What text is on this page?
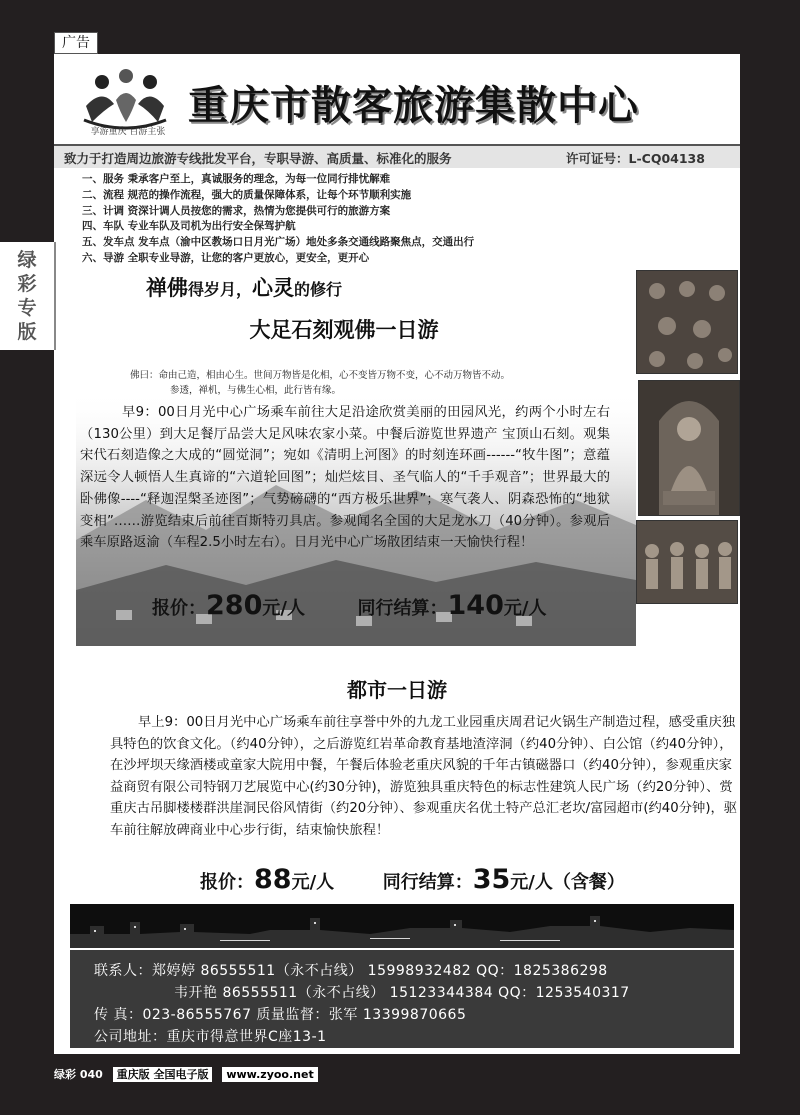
广告
绿彩专版
享游重庆 自游主张
重庆市散客旅游集散中心
致力于打造周边旅游专线批发平台，专职导游、高质量、标准化的服务	许可证号：L-CQ04138
一、服务 秉承客户至上，真诚服务的理念，为每一位同行排忧解难
二、流程 规范的操作流程，强大的质量保障体系，让每个环节顺利实施
三、计调 资深计调人员按您的需求，热情为您提供可行的旅游方案
四、车队 专业车队及司机为出行安全保驾护航
五、发车点 发车点（渝中区教场口日月光广场）地处多条交通线路聚焦点，交通出行
六、导游 全职专业导游，让您的客户更放心，更安全，更开心
禅佛得岁月，心灵的修行
大足石刻观佛一日游
佛曰：命由己造，相由心生。世间万物皆是化相，心不变皆万物不变，心不动万物皆不动。
早9：00日月光中心广场乘车前往大足沿途欣赏美丽的田园风光，约两个小时左右（130公里）到大足餐厅品尝大足风味农家小菜。中餐后游览世界遗产 宝顶山石刻。观集宋代石刻造像之大成的“圆觉洞”；宛如《清明上河图》的时刻连环画------“牧牛图”；意蕴深远令人顿悟人生真谛的“六道轮回图”；灿烂炫目、圣气临人的“千手观音”；世界最大的卧佛像----“释迦涅槃圣迹图”；气势磅礴的“西方极乐世界”；寒气袭人、阴森恐怖的“地狱变相”……游览结束后前往百斯特刃具店。参观闻名全国的大足龙水刀（40分钟）。参观后乘车原路返渝（车程2.5小时左右）。日月光中心广场散团结束一天愉快行程！
报价：280元/人	同行结算：140元/人
都市一日游
早上9：00日月光中心广场乘车前往享誉中外的九龙工业园重庆周君记火锅生产制造过程，感受重庆独具特色的饮食文化。（约40分钟），之后游览红岩革命教育基地渣滓洞（约40分钟）、白公馆（约40分钟），在沙坪坝天缘酒楼或童家大院用中餐，午餐后体验老重庆风貌的千年古镇磁器口（约40分钟），参观重庆家益商贸有限公司特钢刀艺展览中心(约30分钟)，游览独具重庆特色的标志性建筑人民广场（约20分钟）、赏重庆古吊脚楼楼群洪崖洞民俗风情街（约20分钟）、参观重庆名优土特产总汇老坎/富园超市(约40分钟)，驱车前往解放碑商业中心步行街，结束愉快旅程！
报价：88元/人	同行结算：35元/人（含餐）
联系人：郑婷婷 86555511（永不占线） 15998932482 QQ：1825386298
韦开艳 86555511（永不占线） 15123344384 QQ：1253540317
传 真：023-86555767 质量监督：张军 13399870665
公司地址：重庆市得意世界C座13-1
绿彩 040 重庆版 全国电子版 www.zyoo.net
